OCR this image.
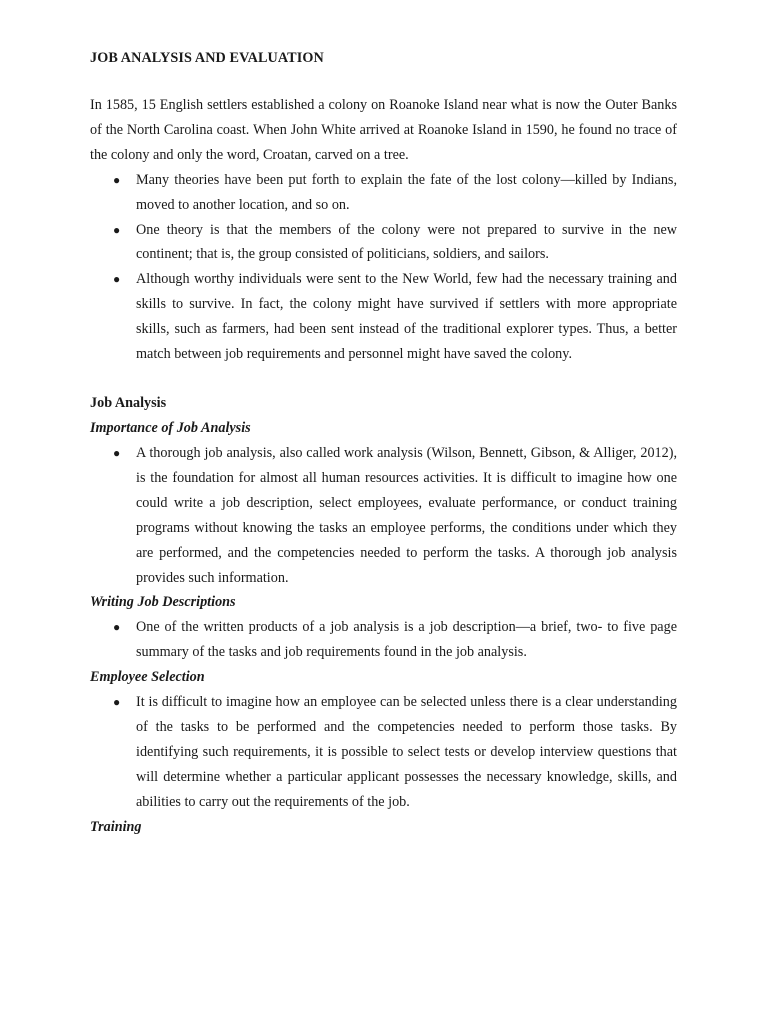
JOB ANALYSIS AND EVALUATION

In 1585, 15 English settlers established a colony on Roanoke Island near what is now the Outer Banks of the North Carolina coast. When John White arrived at Roanoke Island in 1590, he found no trace of the colony and only the word, Croatan, carved on a tree.

● Many theories have been put forth to explain the fate of the lost colony—killed by Indians, moved to another location, and so on.
● One theory is that the members of the colony were not prepared to survive in the new continent; that is, the group consisted of politicians, soldiers, and sailors.
● Although worthy individuals were sent to the New World, few had the necessary training and skills to survive. In fact, the colony might have survived if settlers with more appropriate skills, such as farmers, had been sent instead of the traditional explorer types. Thus, a better match between job requirements and personnel might have saved the colony.
Job Analysis
Importance of Job Analysis
● A thorough job analysis, also called work analysis (Wilson, Bennett, Gibson, & Alliger, 2012), is the foundation for almost all human resources activities. It is difficult to imagine how one could write a job description, select employees, evaluate performance, or conduct training programs without knowing the tasks an employee performs, the conditions under which they are performed, and the competencies needed to perform the tasks. A thorough job analysis provides such information.
Writing Job Descriptions
● One of the written products of a job analysis is a job description—a brief, two- to five page summary of the tasks and job requirements found in the job analysis.
Employee Selection
● It is difficult to imagine how an employee can be selected unless there is a clear understanding of the tasks to be performed and the competencies needed to perform those tasks. By identifying such requirements, it is possible to select tests or develop interview questions that will determine whether a particular applicant possesses the necessary knowledge, skills, and abilities to carry out the requirements of the job.
Training
